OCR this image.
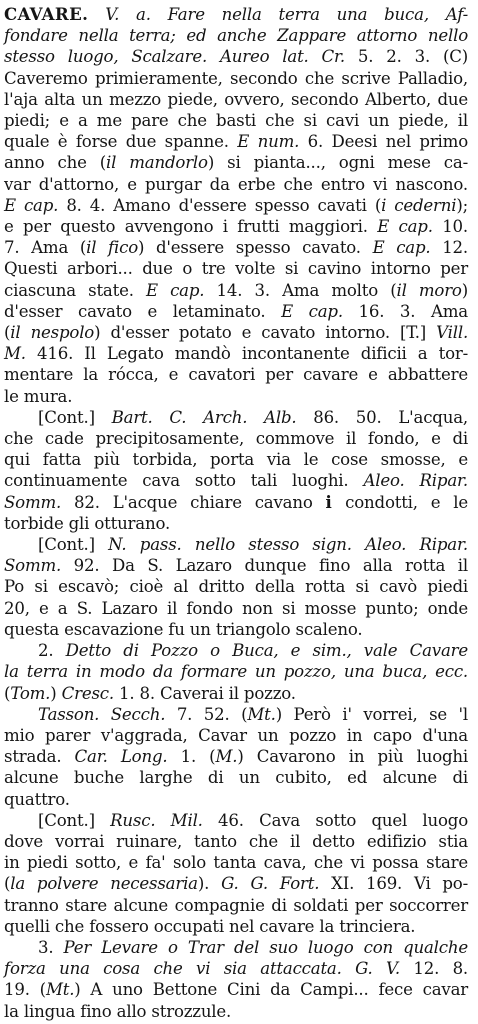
CAVARE. V. a. Fare nella terra una buca, Af-
fondare nella terra; ed anche Zappare attorno nello
stesso luogo, Scalzare. Aureo lat. Cr. 5. 2. 3. (C)
Caveremo primieramente, secondo che scrive Palladio,
l'aja alta un mezzo piede, ovvero, secondo Alberto, due
piedi; e a me pare che basti che si cavi un piede, il
quale è forse due spanne. E num. 6. Deesi nel primo
anno che (il mandorlo) si pianta..., ogni mese ca-
var d'attorno, e purgar da erbe che entro vi nascono.
E cap. 8. 4. Amano d'essere spesso cavati (i cederni);
e per questo avvengono i frutti maggiori. E cap. 10.
7. Ama (il fico) d'essere spesso cavato. E cap. 12.
Questi arbori... due o tre volte si cavino intorno per
ciascuna state. E cap. 14. 3. Ama molto (il moro)
d'esser cavato e letaminato. E cap. 16. 3. Ama
(il nespolo) d'esser potato e cavato intorno. [T.] Vill.
M. 416. Il Legato mandò incontanente dificii a tor-
mentare la rócca, e cavatori per cavare e abbattere
le mura.
[Cont.] Bart. C. Arch. Alb. 86. 50. L'acqua,
che cade precipitosamente, commove il fondo, e di
qui fatta più torbida, porta via le cose smosse, e
continuamente cava sotto tali luoghi. Aleo. Ripar.
Somm. 82. L'acque chiare cavano i condotti, e le
torbide gli otturano.
[Cont.] N. pass. nello stesso sign. Aleo. Ripar.
Somm. 92. Da S. Lazaro dunque fino alla rotta il
Po si escavò; cioè al dritto della rotta si cavò piedi
20, e a S. Lazaro il fondo non si mosse punto; onde
questa escavazione fu un triangolo scaleno.
2. Detto di Pozzo o Buca, e sim., vale Cavare
la terra in modo da formare un pozzo, una buca, ecc.
(Tom.) Cresc. 1. 8. Caverai il pozzo.
Tasson. Secch. 7. 52. (Mt.) Però i' vorrei, se 'l
mio parer v'aggrada, Cavar un pozzo in capo d'una
strada. Car. Long. 1. (M.) Cavarono in più luoghi
alcune buche larghe di un cubito, ed alcune di
quattro.
[Cont.] Rusc. Mil. 46. Cava sotto quel luogo
dove vorrai ruinare, tanto che il detto edifizio stia
in piedi sotto, e fa' solo tanta cava, che vi possa stare
(la polvere necessaria). G. G. Fort. XI. 169. Vi po-
tranno stare alcune compagnie di soldati per soccorrer
quelli che fossero occupati nel cavare la trinciera.
3. Per Levare o Trar del suo luogo con qualche
forza una cosa che vi sia attaccata. G. V. 12. 8.
19. (Mt.) A uno Bettone Cini da Campi... fece cavar
la lingua fino allo strozzule.
